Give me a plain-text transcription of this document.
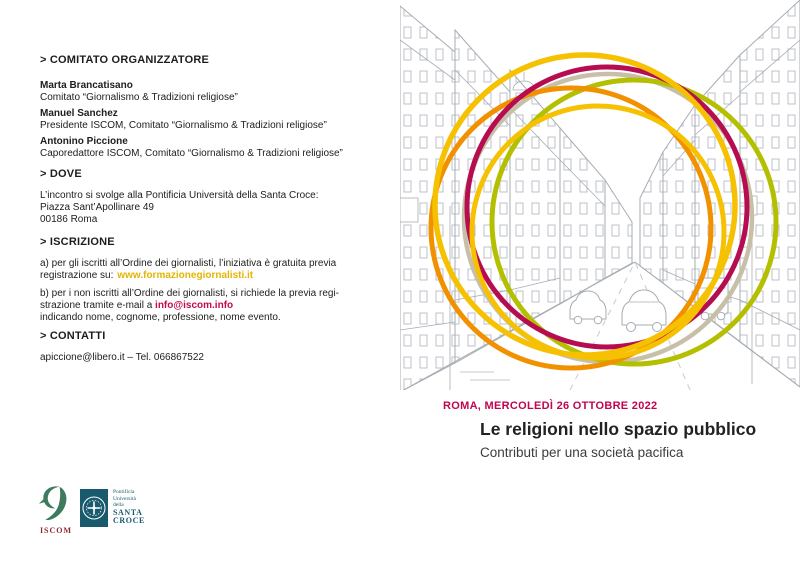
> COMITATO ORGANIZZATORE
Marta Brancatisano
Comitato “Giornalismo & Tradizioni religiose”
Manuel Sanchez
Presidente ISCOM, Comitato “Giornalismo & Tradizioni religiose”
Antonino Piccione
Caporedattore ISCOM, Comitato “Giornalismo & Tradizioni religiose”
> DOVE
L’incontro si svolge alla Pontificia Università della Santa Croce:
Piazza Sant’Apollinare 49
00186 Roma
> ISCRIZIONE
a) per gli iscritti all’Ordine dei giornalisti, l’iniziativa è gratuita previa
registrazione su: www.formazionegiornalisti.it
b) per i non iscritti all’Ordine dei giornalisti, si richiede la previa regi-
strazione tramite e-mail a info@iscom.info
indicando nome, cognome, professione, nome evento.
> CONTATTI
apiccione@libero.it – Tel. 066867522
ROMA, MERCOLEDÌ 26 OTTOBRE 2022
Le religioni nello spazio pubblico
Contributi per una società pacifica
ISCOM
Pontificia
Università
della
SANTA
CROCE
